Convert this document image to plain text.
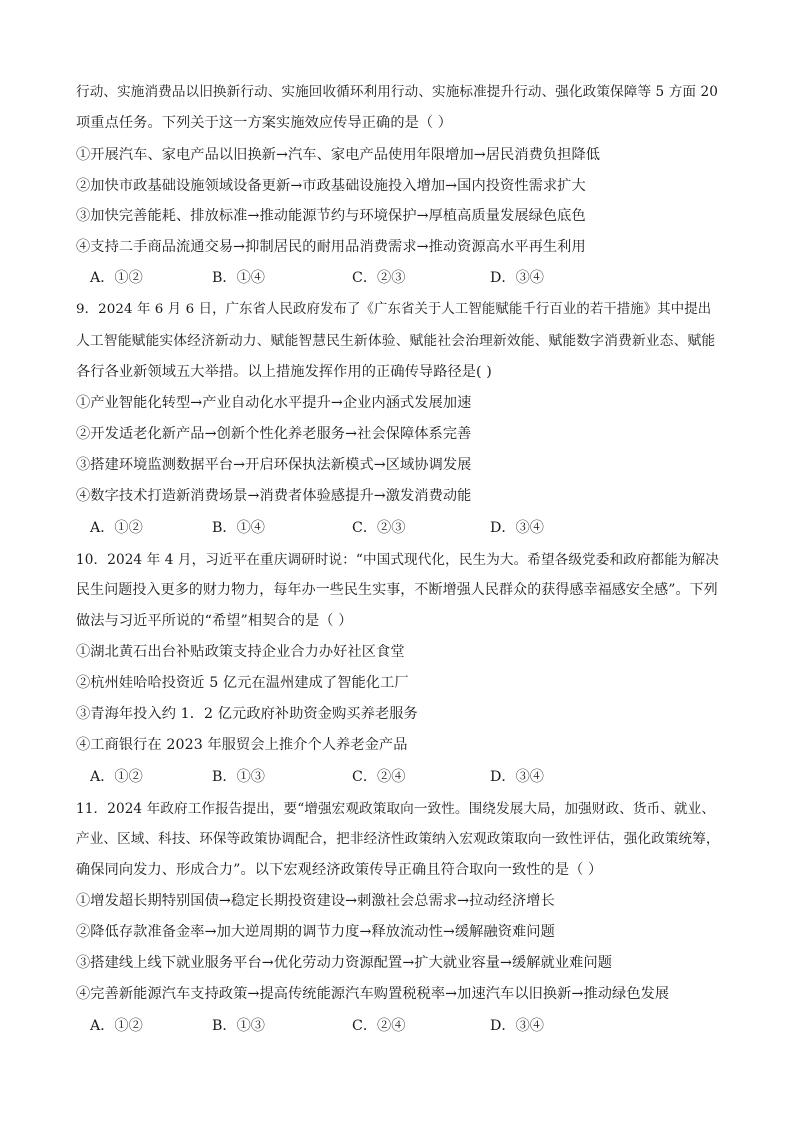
行动、实施消费品以旧换新行动、实施回收循环利用行动、实施标准提升行动、强化政策保障等 5 方面 20
项重点任务。下列关于这一方案实施效应传导正确的是（ ）
①开展汽车、家电产品以旧换新→汽车、家电产品使用年限增加→居民消费负担降低
②加快市政基础设施领域设备更新→市政基础设施投入增加→国内投资性需求扩大
③加快完善能耗、排放标准→推动能源节约与环境保护→厚植高质量发展绿色底色
④支持二手商品流通交易→抑制居民的耐用品消费需求→推动资源高水平再生利用
A．①②	B．①④	C．②③	D．③④
9．2024 年 6 月 6 日，广东省人民政府发布了《广东省关于人工智能赋能千行百业的若干措施》其中提出
人工智能赋能实体经济新动力、赋能智慧民生新体验、赋能社会治理新效能、赋能数字消费新业态、赋能
各行各业新领域五大举措。以上措施发挥作用的正确传导路径是( )
①产业智能化转型→产业自动化水平提升→企业内涵式发展加速
②开发适老化新产品→创新个性化养老服务→社会保障体系完善
③搭建环境监测数据平台→开启环保执法新模式→区域协调发展
④数字技术打造新消费场景→消费者体验感提升→激发消费动能
A．①②	B．①④	C．②③	D．③④
10．2024 年 4 月，习近平在重庆调研时说：“中国式现代化，民生为大。希望各级党委和政府都能为解决
民生问题投入更多的财力物力，每年办一些民生实事，不断增强人民群众的获得感幸福感安全感”。下列
做法与习近平所说的“希望”相契合的是（ ）
①湖北黄石出台补贴政策支持企业合力办好社区食堂
②杭州娃哈哈投资近 5 亿元在温州建成了智能化工厂
③青海年投入约 1．2 亿元政府补助资金购买养老服务
④工商银行在 2023 年服贸会上推介个人养老金产品
A．①②	B．①③	C．②④	D．③④
11．2024 年政府工作报告提出，要“增强宏观政策取向一致性。围绕发展大局，加强财政、货币、就业、
产业、区域、科技、环保等政策协调配合，把非经济性政策纳入宏观政策取向一致性评估，强化政策统筹，
确保同向发力、形成合力”。以下宏观经济政策传导正确且符合取向一致性的是（ ）
①增发超长期特别国债→稳定长期投资建设→刺激社会总需求→拉动经济增长
②降低存款准备金率→加大逆周期的调节力度→释放流动性→缓解融资难问题
③搭建线上线下就业服务平台→优化劳动力资源配置→扩大就业容量→缓解就业难问题
④完善新能源汽车支持政策→提高传统能源汽车购置税税率→加速汽车以旧换新→推动绿色发展
A．①②	B．①③	C．②④	D．③④
